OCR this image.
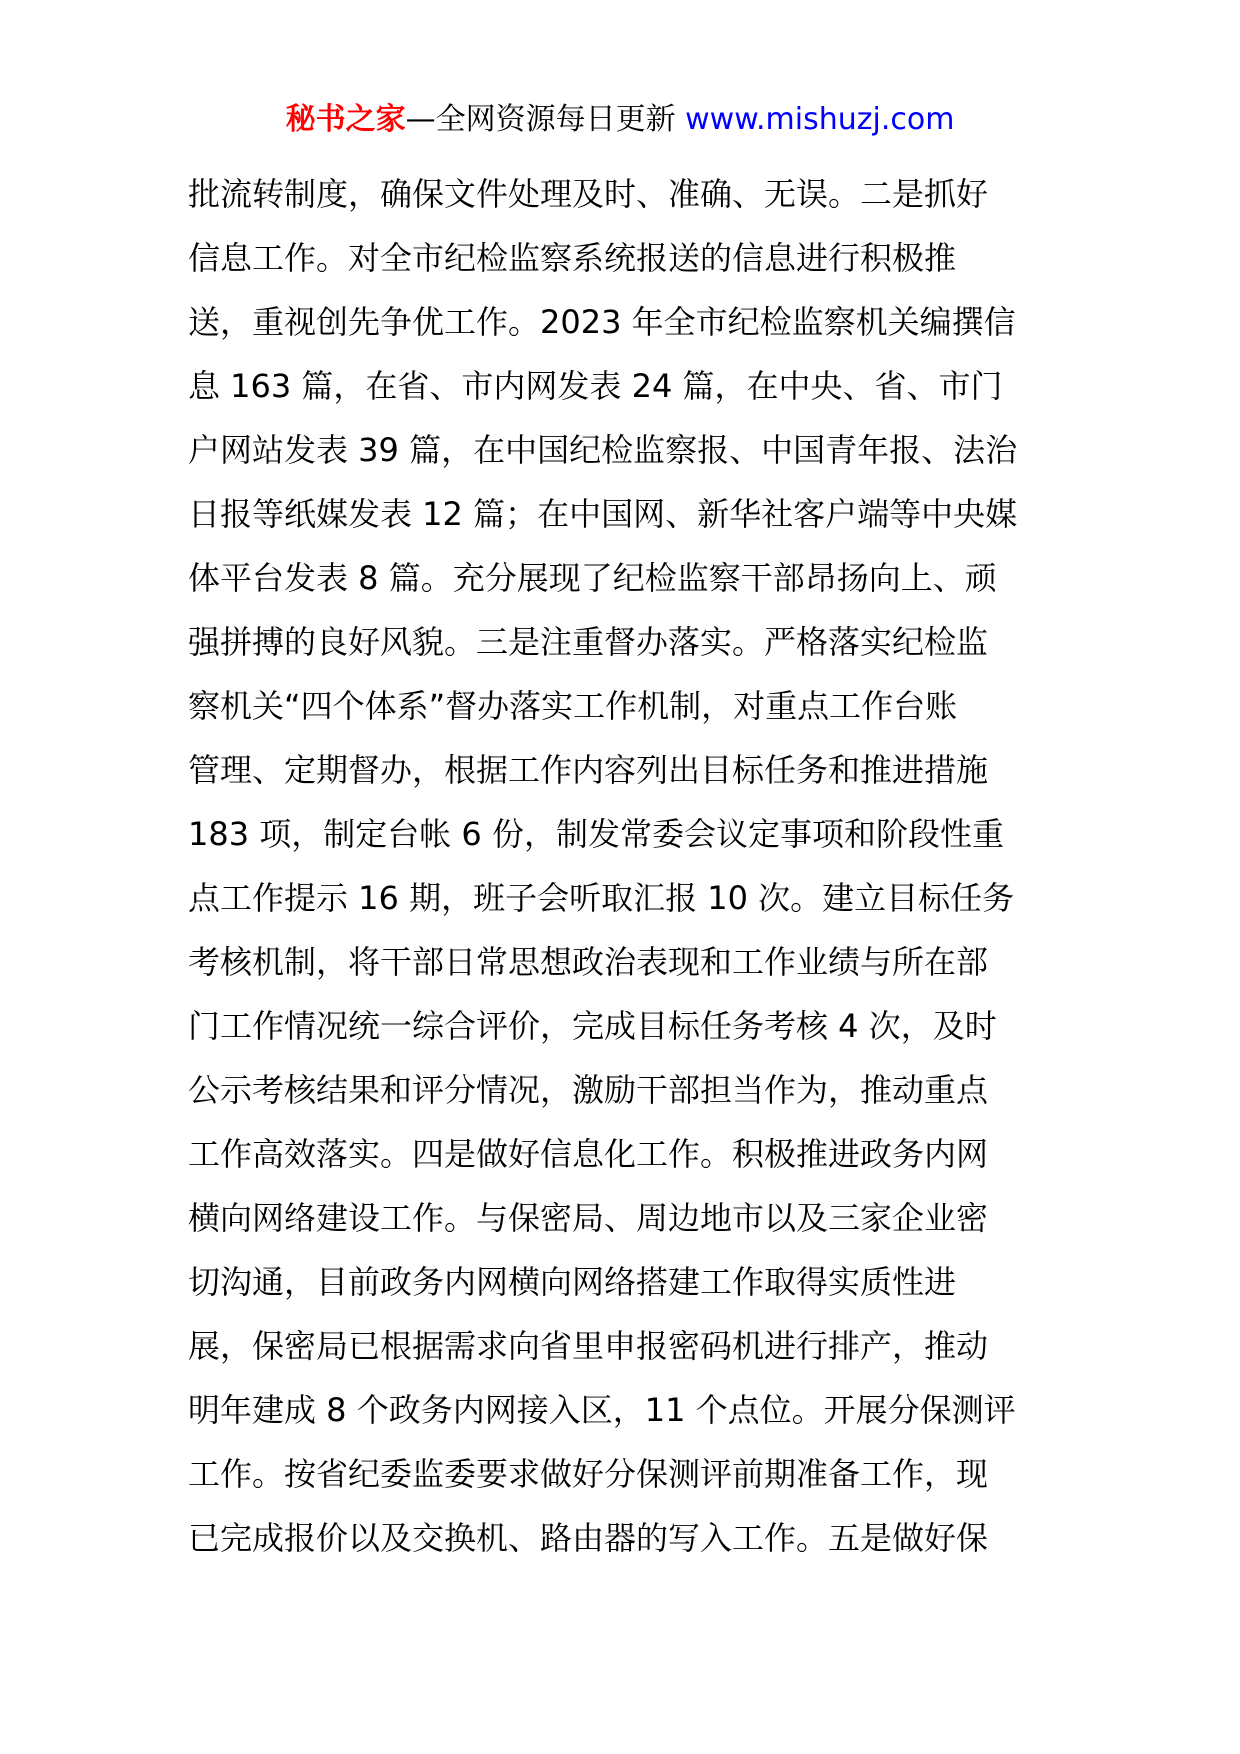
秘书之家—全网资源每日更新 www.mishuzj.com
批流转制度，确保文件处理及时、准确、无误。二是抓好
信息工作。对全市纪检监察系统报送的信息进行积极推
送，重视创先争优工作。2023 年全市纪检监察机关编撰信
息 163 篇，在省、市内网发表 24 篇，在中央、省、市门
户网站发表 39 篇，在中国纪检监察报、中国青年报、法治
日报等纸媒发表 12 篇；在中国网、新华社客户端等中央媒
体平台发表 8 篇。充分展现了纪检监察干部昂扬向上、顽
强拼搏的良好风貌。三是注重督办落实。严格落实纪检监
察机关“四个体系”督办落实工作机制，对重点工作台账
管理、定期督办，根据工作内容列出目标任务和推进措施
183 项，制定台帐 6 份，制发常委会议定事项和阶段性重
点工作提示 16 期，班子会听取汇报 10 次。建立目标任务
考核机制，将干部日常思想政治表现和工作业绩与所在部
门工作情况统一综合评价，完成目标任务考核 4 次，及时
公示考核结果和评分情况，激励干部担当作为，推动重点
工作高效落实。四是做好信息化工作。积极推进政务内网
横向网络建设工作。与保密局、周边地市以及三家企业密
切沟通，目前政务内网横向网络搭建工作取得实质性进
展，保密局已根据需求向省里申报密码机进行排产，推动
明年建成 8 个政务内网接入区，11 个点位。开展分保测评
工作。按省纪委监委要求做好分保测评前期准备工作，现
已完成报价以及交换机、路由器的写入工作。五是做好保
